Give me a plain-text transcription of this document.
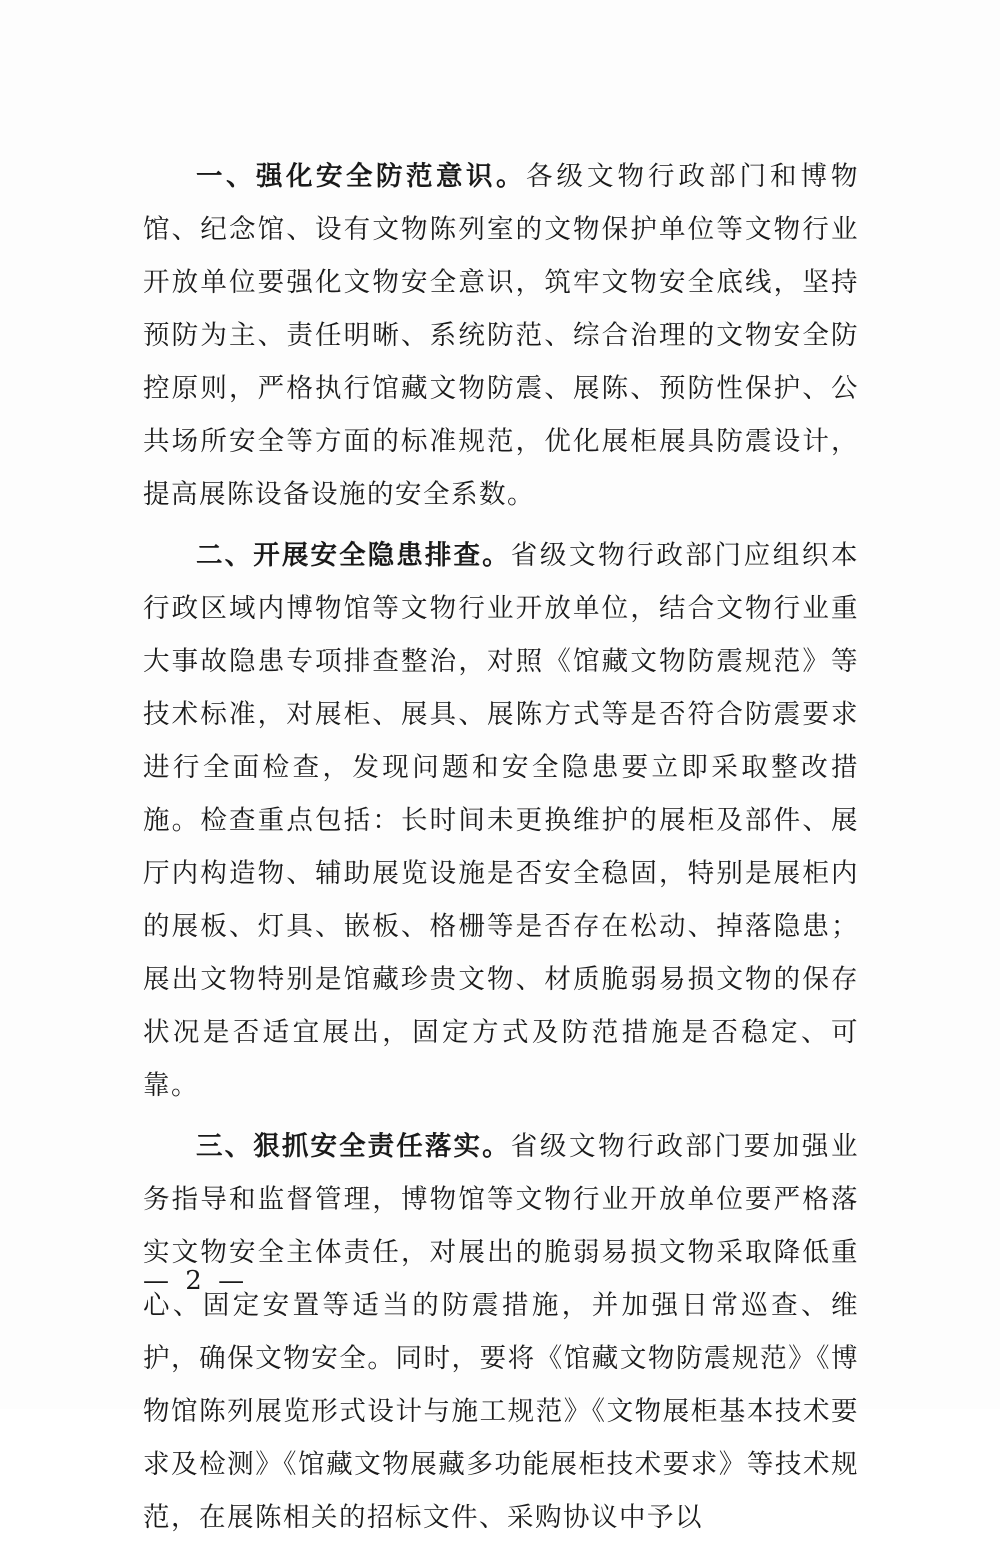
一、强化安全防范意识。各级文物行政部门和博物馆、纪念馆、设有文物陈列室的文物保护单位等文物行业开放单位要强化文物安全意识，筑牢文物安全底线，坚持预防为主、责任明晰、系统防范、综合治理的文物安全防控原则，严格执行馆藏文物防震、展陈、预防性保护、公共场所安全等方面的标准规范，优化展柜展具防震设计，提高展陈设备设施的安全系数。

二、开展安全隐患排查。省级文物行政部门应组织本行政区域内博物馆等文物行业开放单位，结合文物行业重大事故隐患专项排查整治，对照《馆藏文物防震规范》等技术标准，对展柜、展具、展陈方式等是否符合防震要求进行全面检查，发现问题和安全隐患要立即采取整改措施。检查重点包括：长时间未更换维护的展柜及部件、展厅内构造物、辅助展览设施是否安全稳固，特别是展柜内的展板、灯具、嵌板、格栅等是否存在松动、掉落隐患；展出文物特别是馆藏珍贵文物、材质脆弱易损文物的保存状况是否适宜展出，固定方式及防范措施是否稳定、可靠。

三、狠抓安全责任落实。省级文物行政部门要加强业务指导和监督管理，博物馆等文物行业开放单位要严格落实文物安全主体责任，对展出的脆弱易损文物采取降低重心、固定安置等适当的防震措施，并加强日常巡查、维护，确保文物安全。同时，要将《馆藏文物防震规范》《博物馆陈列展览形式设计与施工规范》《文物展柜基本技术要求及检测》《馆藏文物展藏多功能展柜技术要求》等技术规范，在展陈相关的招标文件、采购协议中予以

— 2 —
